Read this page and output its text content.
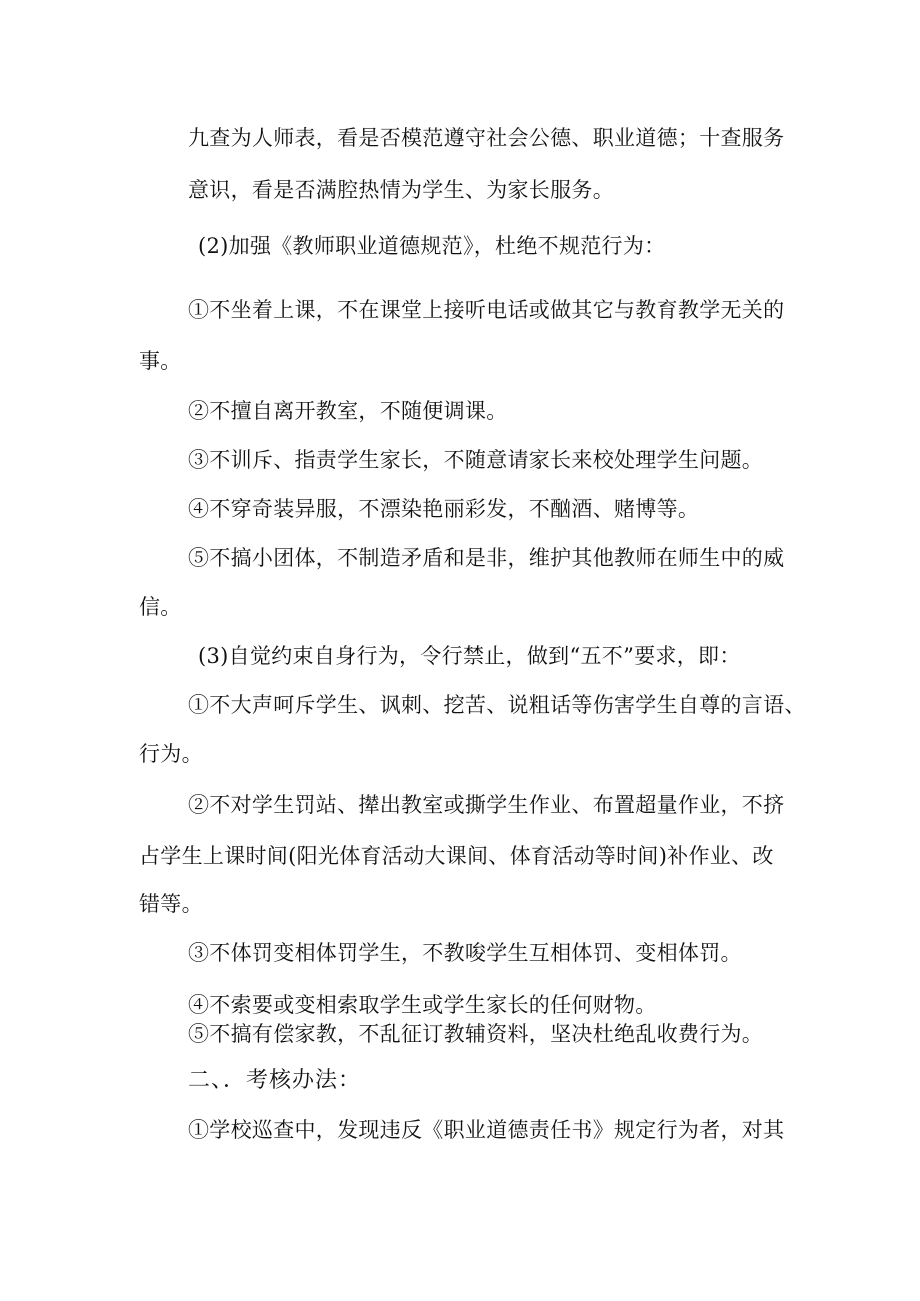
九查为人师表，看是否模范遵守社会公德、职业道德；十查服务
意识，看是否满腔热情为学生、为家长服务。
(2)加强《教师职业道德规范》，杜绝不规范行为：
①不坐着上课，不在课堂上接听电话或做其它与教育教学无关的
事。
②不擅自离开教室，不随便调课。
③不训斥、指责学生家长，不随意请家长来校处理学生问题。
④不穿奇装异服，不漂染艳丽彩发，不酗酒、赌博等。
⑤不搞小团体，不制造矛盾和是非，维护其他教师在师生中的威
信。
(3)自觉约束自身行为，令行禁止，做到“五不”要求，即：
①不大声呵斥学生、讽刺、挖苦、说粗话等伤害学生自尊的言语、
行为。
②不对学生罚站、撵出教室或撕学生作业、布置超量作业，不挤
占学生上课时间(阳光体育活动大课间、体育活动等时间)补作业、改
错等。
③不体罚变相体罚学生，不教唆学生互相体罚、变相体罚。
④不索要或变相索取学生或学生家长的任何财物。
⑤不搞有偿家教，不乱征订教辅资料，坚决杜绝乱收费行为。
二、．考核办法：
①学校巡查中，发现违反《职业道德责任书》规定行为者，对其
